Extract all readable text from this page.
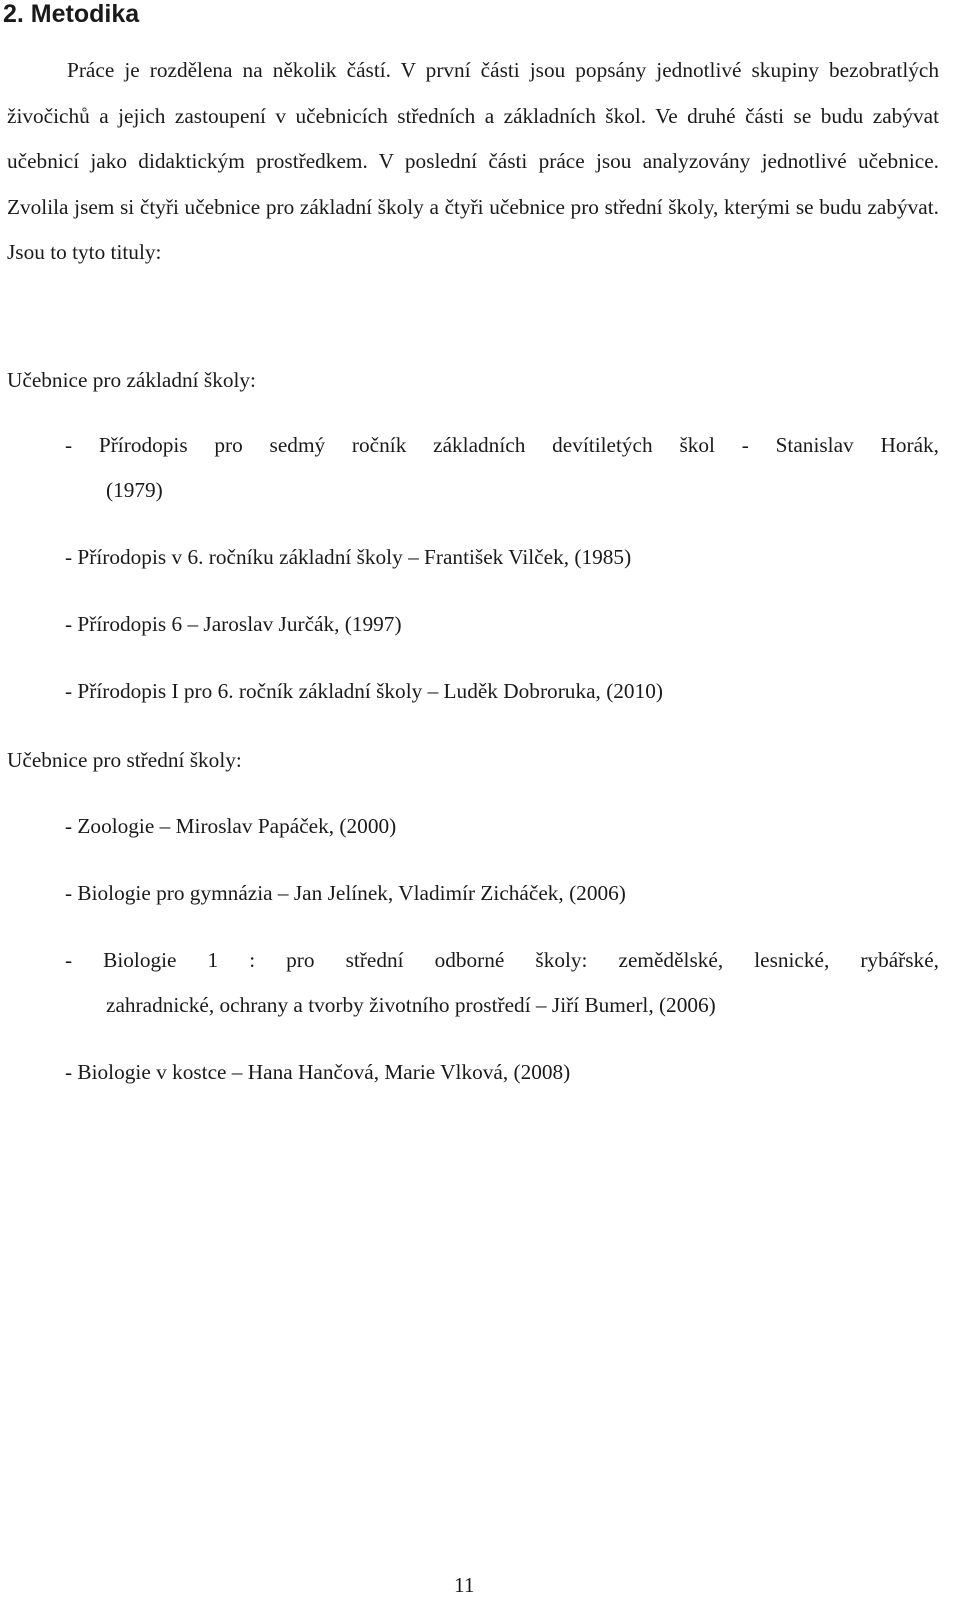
2. Metodika

Práce je rozdělena na několik částí. V první části jsou popsány jednotlivé skupiny bezobratlých živočichů a jejich zastoupení v učebnicích středních a základních škol. Ve druhé části se budu zabývat učebnicí jako didaktickým prostředkem. V poslední části práce jsou analyzovány jednotlivé učebnice. Zvolila jsem si čtyři učebnice pro základní školy a čtyři učebnice pro střední školy, kterými se budu zabývat. Jsou to tyto tituly:

Učebnice pro základní školy:

- Přírodopis pro sedmý ročník základních devítiletých škol - Stanislav Horák,
(1979)

- Přírodopis v 6. ročníku základní školy – František Vilček, (1985)

- Přírodopis 6 – Jaroslav Jurčák, (1997)

- Přírodopis I pro 6. ročník základní školy – Luděk Dobroruka, (2010)

Učebnice pro střední školy:

- Zoologie – Miroslav Papáček, (2000)

- Biologie pro gymnázia – Jan Jelínek, Vladimír Zicháček, (2006)

- Biologie 1 : pro střední odborné školy: zemědělské, lesnické, rybářské,
zahradnické, ochrany a tvorby životního prostředí – Jiří Bumerl, (2006)

- Biologie v kostce – Hana Hančová, Marie Vlková, (2008)

11
